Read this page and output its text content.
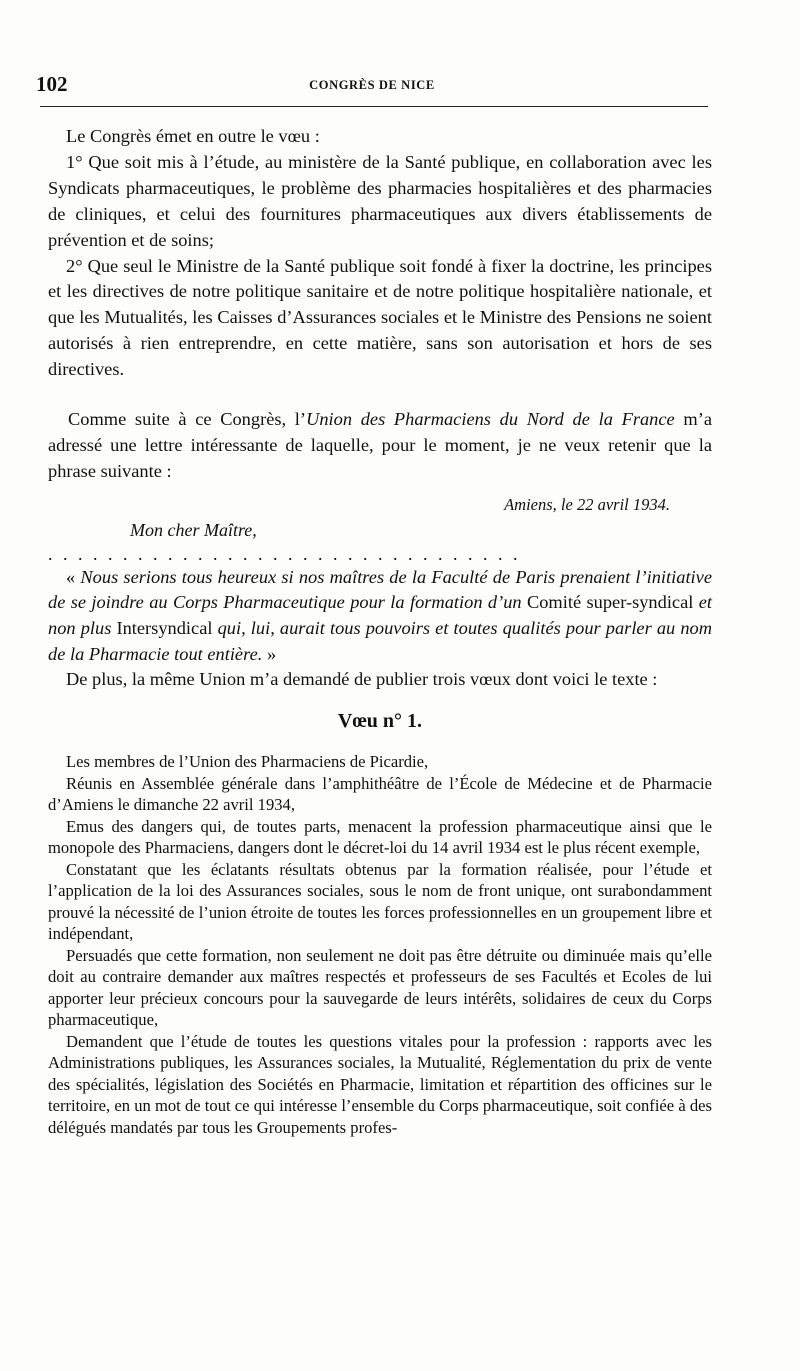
102	CONGRÈS DE NICE

Le Congrès émet en outre le vœu :

1° Que soit mis à l’étude, au ministère de la Santé publique, en collaboration avec les Syndicats pharmaceutiques, le problème des pharmacies hospitalières et des pharmacies de cliniques, et celui des fournitures pharmaceutiques aux divers établissements de prévention et de soins;

2° Que seul le Ministre de la Santé publique soit fondé à fixer la doctrine, les principes et les directives de notre politique sanitaire et de notre politique hospitalière nationale, et que les Mutualités, les Caisses d’Assurances sociales et le Ministre des Pensions ne soient autorisés à rien entreprendre, en cette matière, sans son autorisation et hors de ses directives.

Comme suite à ce Congrès, l’Union des Pharmaciens du Nord de la France m’a adressé une lettre intéressante de laquelle, pour le moment, je ne veux retenir que la phrase suivante :

Amiens, le 22 avril 1934.

Mon cher Maître,

................................

« Nous serions tous heureux si nos maîtres de la Faculté de Paris prenaient l’initiative de se joindre au Corps Pharmaceutique pour la formation d’un Comité super-syndical et non plus Intersyndical qui, lui, aurait tous pouvoirs et toutes qualités pour parler au nom de la Pharmacie tout entière. »

De plus, la même Union m’a demandé de publier trois vœux dont voici le texte :

Vœu n° 1.

Les membres de l’Union des Pharmaciens de Picardie,

Réunis en Assemblée générale dans l’amphithéâtre de l’École de Médecine et de Pharmacie d’Amiens le dimanche 22 avril 1934,

Emus des dangers qui, de toutes parts, menacent la profession pharmaceutique ainsi que le monopole des Pharmaciens, dangers dont le décret-loi du 14 avril 1934 est le plus récent exemple,

Constatant que les éclatants résultats obtenus par la formation réalisée, pour l’étude et l’application de la loi des Assurances sociales, sous le nom de front unique, ont surabondamment prouvé la nécessité de l’union étroite de toutes les forces professionnelles en un groupement libre et indépendant,

Persuadés que cette formation, non seulement ne doit pas être détruite ou diminuée mais qu’elle doit au contraire demander aux maîtres respectés et professeurs de ses Facultés et Ecoles de lui apporter leur précieux concours pour la sauvegarde de leurs intérêts, solidaires de ceux du Corps pharmaceutique,

Demandent que l’étude de toutes les questions vitales pour la profession : rapports avec les Administrations publiques, les Assurances sociales, la Mutualité, Réglementation du prix de vente des spécialités, législation des Sociétés en Pharmacie, limitation et répartition des officines sur le territoire, en un mot de tout ce qui intéresse l’ensemble du Corps pharmaceutique, soit confiée à des délégués mandatés par tous les Groupements profes-
